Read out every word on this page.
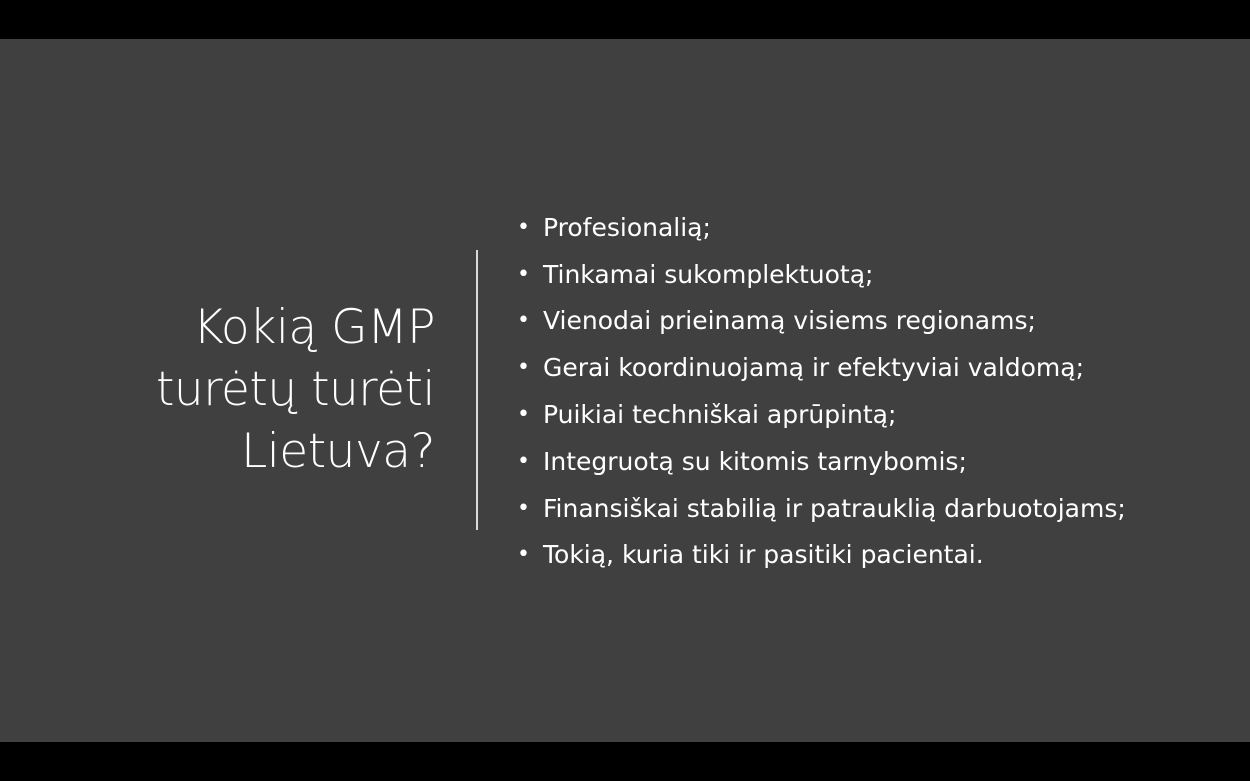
Kokią GMP
turėtų turėti
Lietuva?
• Profesionalią;
• Tinkamai sukomplektuotą;
• Vienodai prieinamą visiems regionams;
• Gerai koordinuojamą ir efektyviai valdomą;
• Puikiai techniškai aprūpintą;
• Integruotą su kitomis tarnybomis;
• Finansiškai stabilią ir patrauklią darbuotojams;
• Tokią, kuria tiki ir pasitiki pacientai.
